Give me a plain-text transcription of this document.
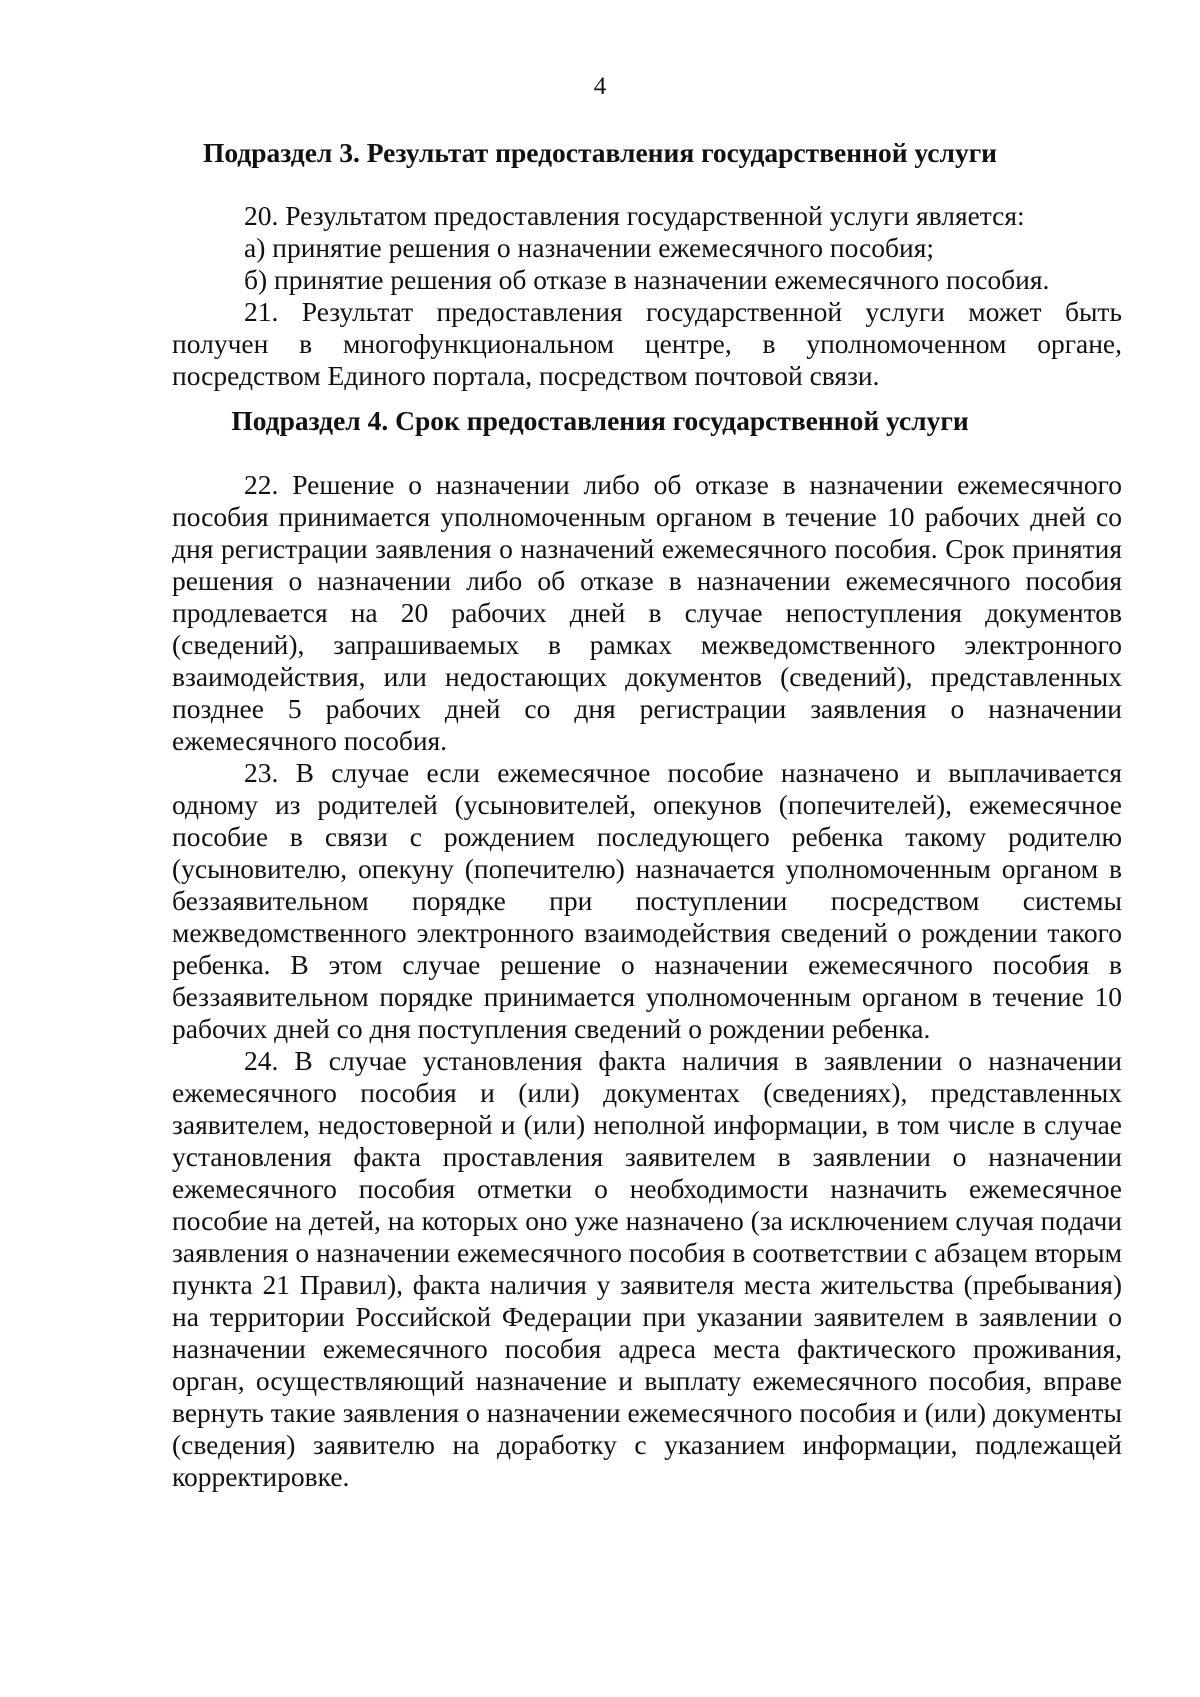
4
Подраздел 3. Результат предоставления государственной услуги

20. Результатом предоставления государственной услуги является:

а) принятие решения о назначении ежемесячного пособия;

б) принятие решения об отказе в назначении ежемесячного пособия.

21. Результат предоставления государственной услуги может быть получен в многофункциональном центре, в уполномоченном органе, посредством Единого портала, посредством почтовой связи.

Подраздел 4. Срок предоставления государственной услуги

22. Решение о назначении либо об отказе в назначении ежемесячного пособия принимается уполномоченным органом в течение 10 рабочих дней со дня регистрации заявления о назначений ежемесячного пособия. Срок принятия решения о назначении либо об отказе в назначении ежемесячного пособия продлевается на 20 рабочих дней в случае непоступления документов (сведений), запрашиваемых в рамках межведомственного электронного взаимодействия, или недостающих документов (сведений), представленных позднее 5 рабочих дней со дня регистрации заявления о назначении ежемесячного пособия.

23. В случае если ежемесячное пособие назначено и выплачивается одному из родителей (усыновителей, опекунов (попечителей), ежемесячное пособие в связи с рождением последующего ребенка такому родителю (усыновителю, опекуну (попечителю) назначается уполномоченным органом в беззаявительном порядке при поступлении посредством системы межведомственного электронного взаимодействия сведений о рождении такого ребенка. В этом случае решение о назначении ежемесячного пособия в беззаявительном порядке принимается уполномоченным органом в течение 10 рабочих дней со дня поступления сведений о рождении ребенка.

24. В случае установления факта наличия в заявлении о назначении ежемесячного пособия и (или) документах (сведениях), представленных заявителем, недостоверной и (или) неполной информации, в том числе в случае установления факта проставления заявителем в заявлении о назначении ежемесячного пособия отметки о необходимости назначить ежемесячное пособие на детей, на которых оно уже назначено (за исключением случая подачи заявления о назначении ежемесячного пособия в соответствии с абзацем вторым пункта 21 Правил), факта наличия у заявителя места жительства (пребывания) на территории Российской Федерации при указании заявителем в заявлении о назначении ежемесячного пособия адреса места фактического проживания, орган, осуществляющий назначение и выплату ежемесячного пособия, вправе вернуть такие заявления о назначении ежемесячного пособия и (или) документы (сведения) заявителю на доработку с указанием информации, подлежащей корректировке.
